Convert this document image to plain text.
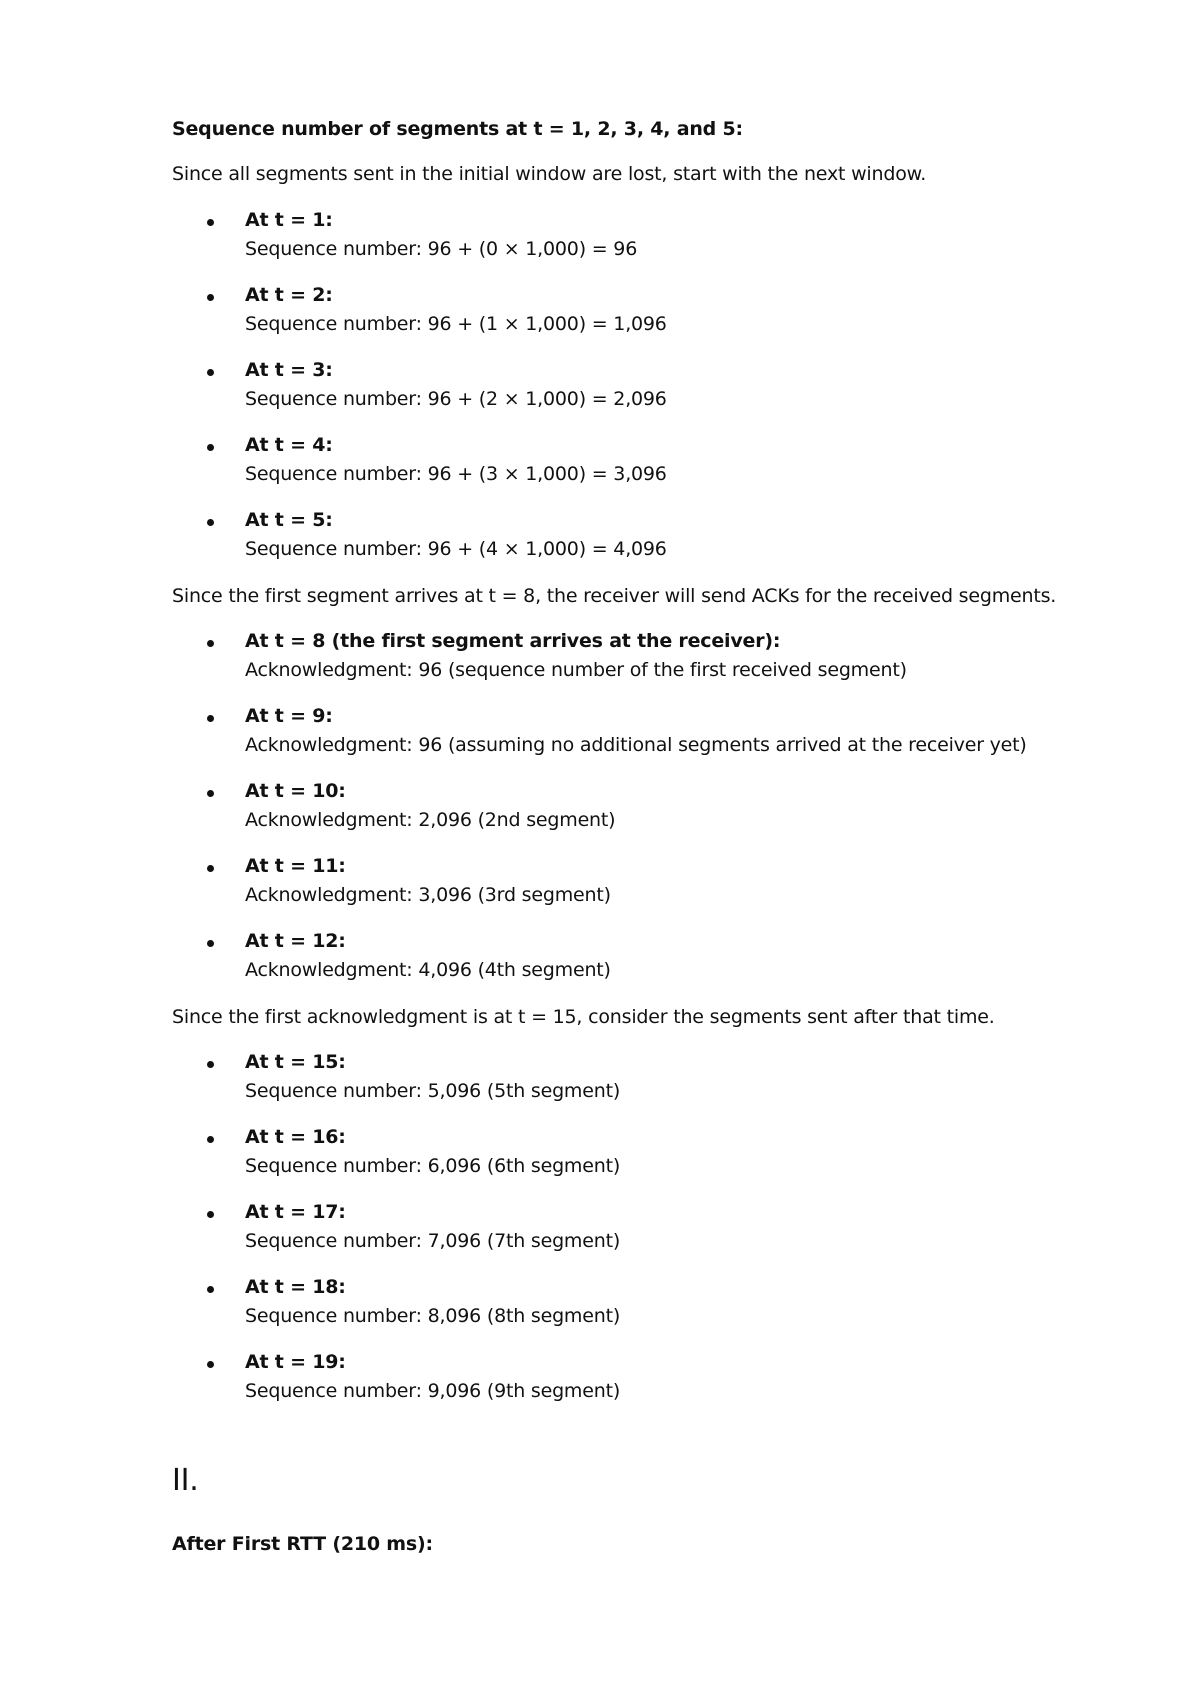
Sequence number of segments at t = 1, 2, 3, 4, and 5:
Since all segments sent in the initial window are lost, start with the next window.
At t = 1:
Sequence number: 96 + (0 × 1,000) = 96
At t = 2:
Sequence number: 96 + (1 × 1,000) = 1,096
At t = 3:
Sequence number: 96 + (2 × 1,000) = 2,096
At t = 4:
Sequence number: 96 + (3 × 1,000) = 3,096
At t = 5:
Sequence number: 96 + (4 × 1,000) = 4,096
Since the first segment arrives at t = 8, the receiver will send ACKs for the received segments.
At t = 8 (the first segment arrives at the receiver):
Acknowledgment: 96 (sequence number of the first received segment)
At t = 9:
Acknowledgment: 96 (assuming no additional segments arrived at the receiver yet)
At t = 10:
Acknowledgment: 2,096 (2nd segment)
At t = 11:
Acknowledgment: 3,096 (3rd segment)
At t = 12:
Acknowledgment: 4,096 (4th segment)
Since the first acknowledgment is at t = 15, consider the segments sent after that time.
At t = 15:
Sequence number: 5,096 (5th segment)
At t = 16:
Sequence number: 6,096 (6th segment)
At t = 17:
Sequence number: 7,096 (7th segment)
At t = 18:
Sequence number: 8,096 (8th segment)
At t = 19:
Sequence number: 9,096 (9th segment)
II.
After First RTT (210 ms):
